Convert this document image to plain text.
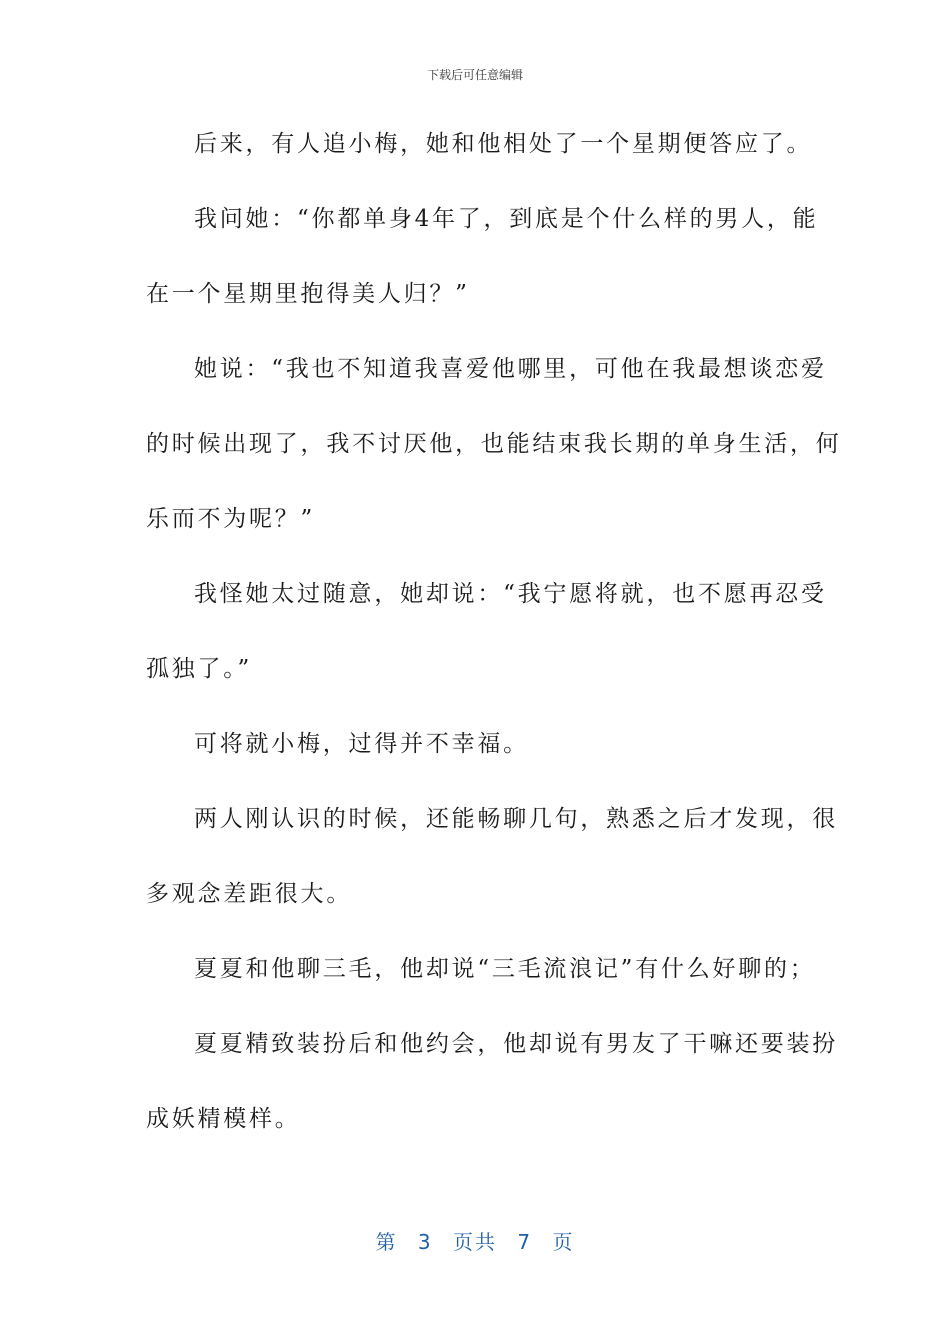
下载后可任意编辑
后来，有人追小梅，她和他相处了一个星期便答应了。
我问她：“你都单身4年了，到底是个什么样的男人，能
在一个星期里抱得美人归？”
她说：“我也不知道我喜爱他哪里，可他在我最想谈恋爱
的时候出现了，我不讨厌他，也能结束我长期的单身生活，何
乐而不为呢？”
我怪她太过随意，她却说：“我宁愿将就，也不愿再忍受
孤独了。”
可将就小梅，过得并不幸福。
两人刚认识的时候，还能畅聊几句，熟悉之后才发现，很
多观念差距很大。
夏夏和他聊三毛，他却说“三毛流浪记”有什么好聊的；
夏夏精致装扮后和他约会，他却说有男友了干嘛还要装扮
成妖精模样。
第 3 页共 7 页
